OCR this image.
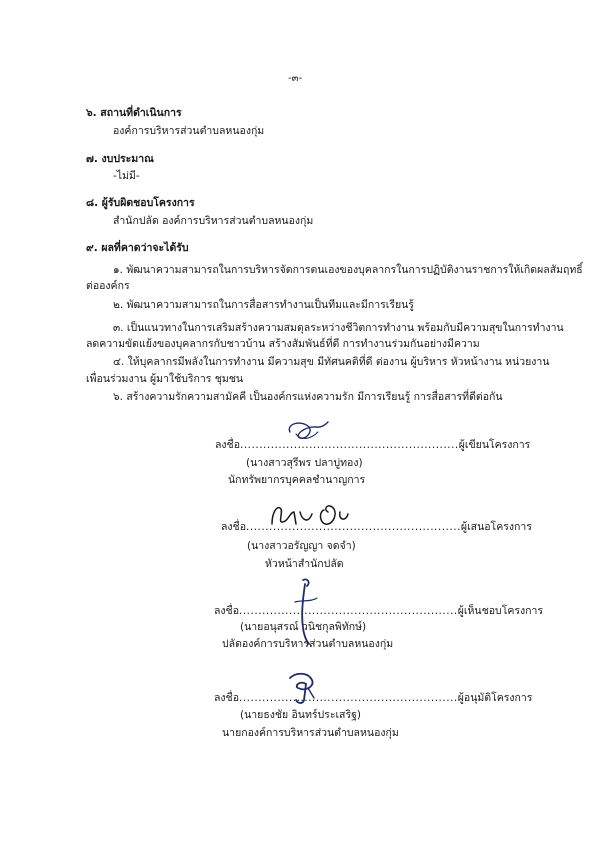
-๓-
๖. สถานที่ดำเนินการ
องค์การบริหารส่วนตำบลหนองกุ่ม
๗. งบประมาณ
-ไม่มี-
๘. ผู้รับผิดชอบโครงการ
สำนักปลัด องค์การบริหารส่วนตำบลหนองกุ่ม
๙. ผลที่คาดว่าจะได้รับ
๑. พัฒนาความสามารถในการบริหารจัดการตนเองของบุคลากรในการปฏิบัติงานราชการให้เกิดผลสัมฤทธิ์
ต่อองค์กร
๒. พัฒนาความสามารถในการสื่อสารทำงานเป็นทีมและมีการเรียนรู้
๓. เป็นแนวทางในการเสริมสร้างความสมดุลระหว่างชีวิตการทำงาน พร้อมกับมีความสุขในการทำงาน
ลดความขัดแย้งของบุคลากรกับชาวบ้าน สร้างสัมพันธ์ที่ดี การทำงานร่วมกันอย่างมีความ
๔. ให้บุคลากรมีพลังในการทำงาน มีความสุข มีทัศนคติที่ดี ต่องาน ผู้บริหาร หัวหน้างาน หน่วยงาน
เพื่อนร่วมงาน ผู้มาใช้บริการ ชุมชน
๖. สร้างความรักความสามัคคี เป็นองค์กรแห่งความรัก มีการเรียนรู้ การสื่อสารที่ดีต่อกัน
ลงชื่อ.........................................................ผู้เขียนโครงการ
(นางสาวสุรีพร ปลาบู่ทอง)
นักทรัพยากรบุคคลชำนาญการ
ลงชื่อ........................................................ผู้เสนอโครงการ
(นางสาวอรัญญา จดจำ)
หัวหน้าสำนักปลัด
ลงชื่อ.........................................................ผู้เห็นชอบโครงการ
(นายอนุสรณ์ วนิชกุลพิทักษ์)
ปลัดองค์การบริหารส่วนตำบลหนองกุ่ม
ลงชื่อ.........................................................ผู้อนุมัติโครงการ
(นายธงชัย อินทร์ประเสริฐ)
นายกองค์การบริหารส่วนตำบลหนองกุ่ม
